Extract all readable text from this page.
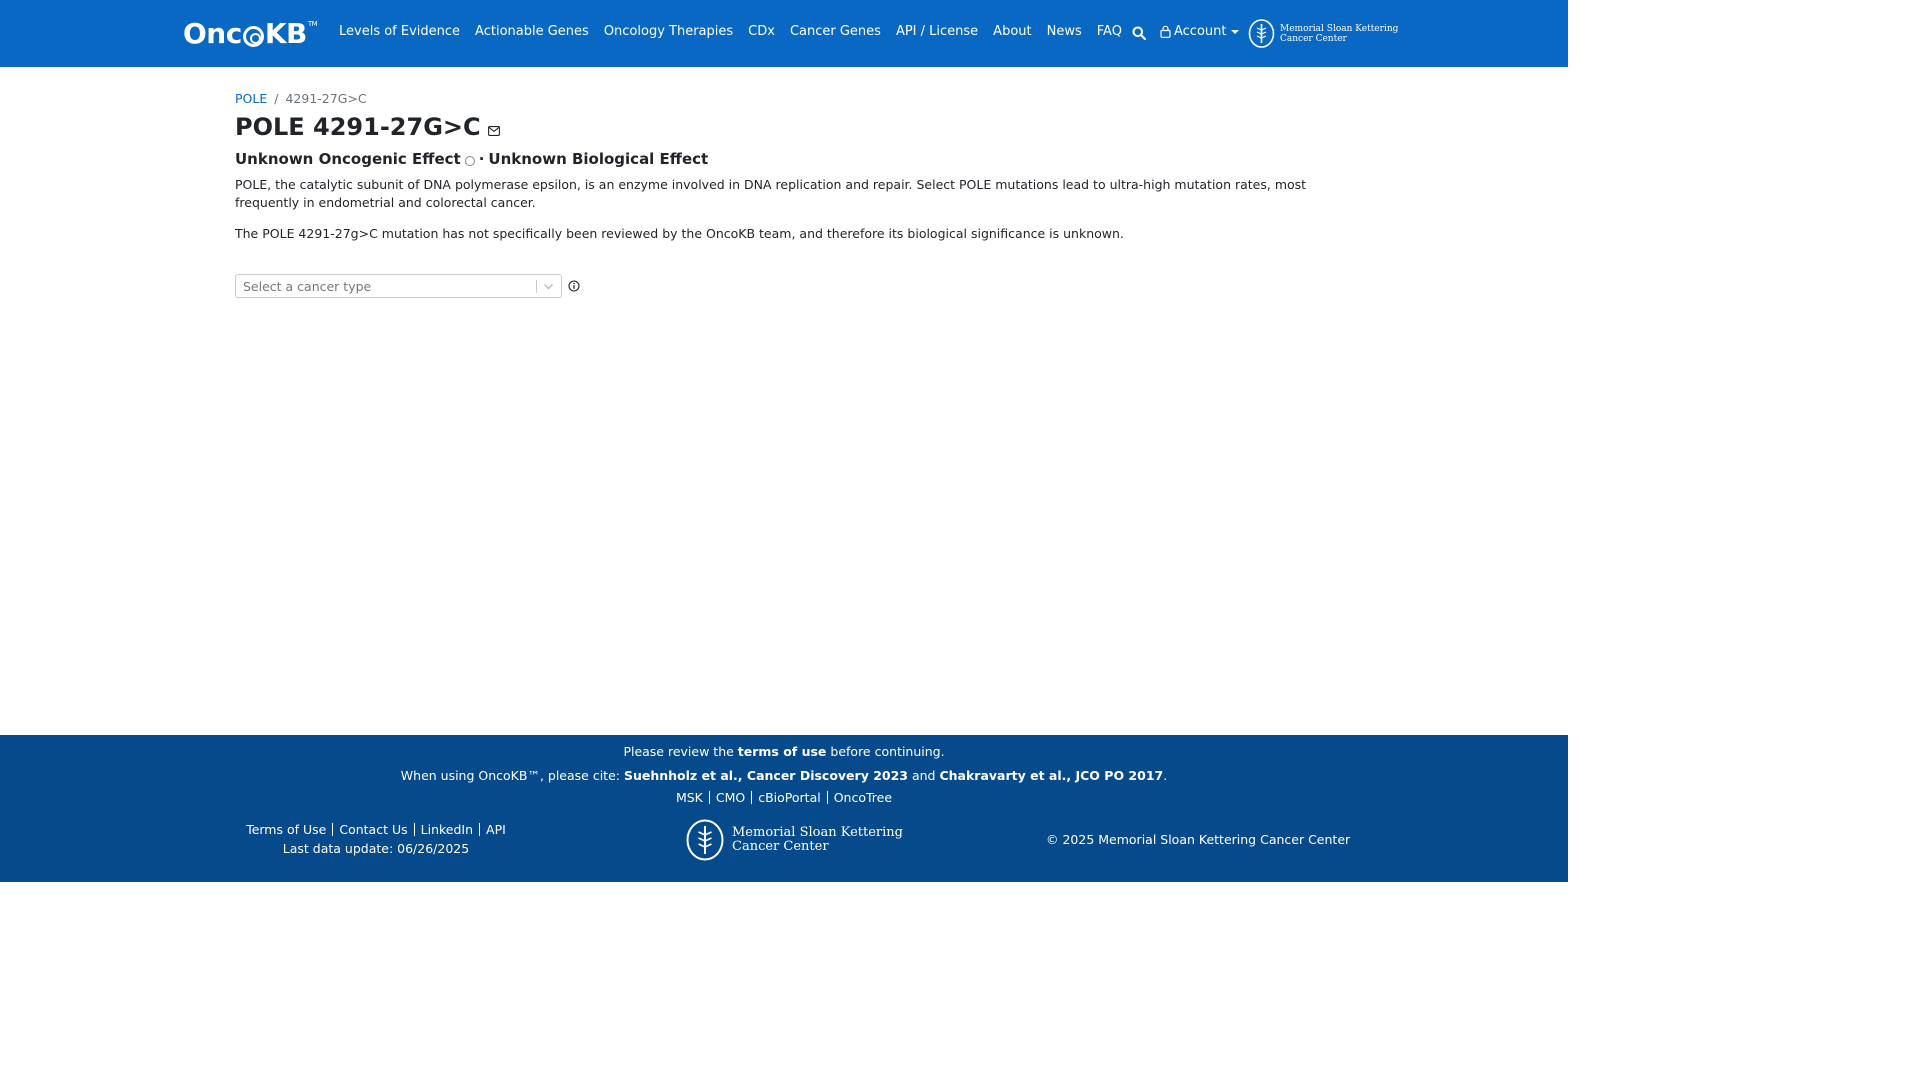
Onc KB TM Levels of Evidence Actionable Genes Oncology Therapies CDx Cancer Genes API / License About News FAQ	Account	Memorial Sloan Kettering
Cancer Center
POLE / 4291-27G>C
POLE 4291-27G>C
Unknown Oncogenic Effect · Unknown Biological Effect

POLE, the catalytic subunit of DNA polymerase epsilon, is an enzyme involved in DNA replication and repair. Select POLE mutations lead to ultra-high mutation rates, most frequently in endometrial and colorectal cancer.

The POLE 4291-27g>C mutation has not specifically been reviewed by the OncoKB team, and therefore its biological significance is unknown.

Select a cancer type
Please review the terms of use before continuing.
When using OncoKB™, please cite: Suehnholz et al., Cancer Discovery 2023 and Chakravarty et al., JCO PO 2017.
MSK	CMO	cBioPortal	OncoTree
Terms of Use	Contact Us	LinkedIn	API
Last data update: 06/26/2025
Memorial Sloan Kettering
Cancer Center	© 2025 Memorial Sloan Kettering Cancer Center
